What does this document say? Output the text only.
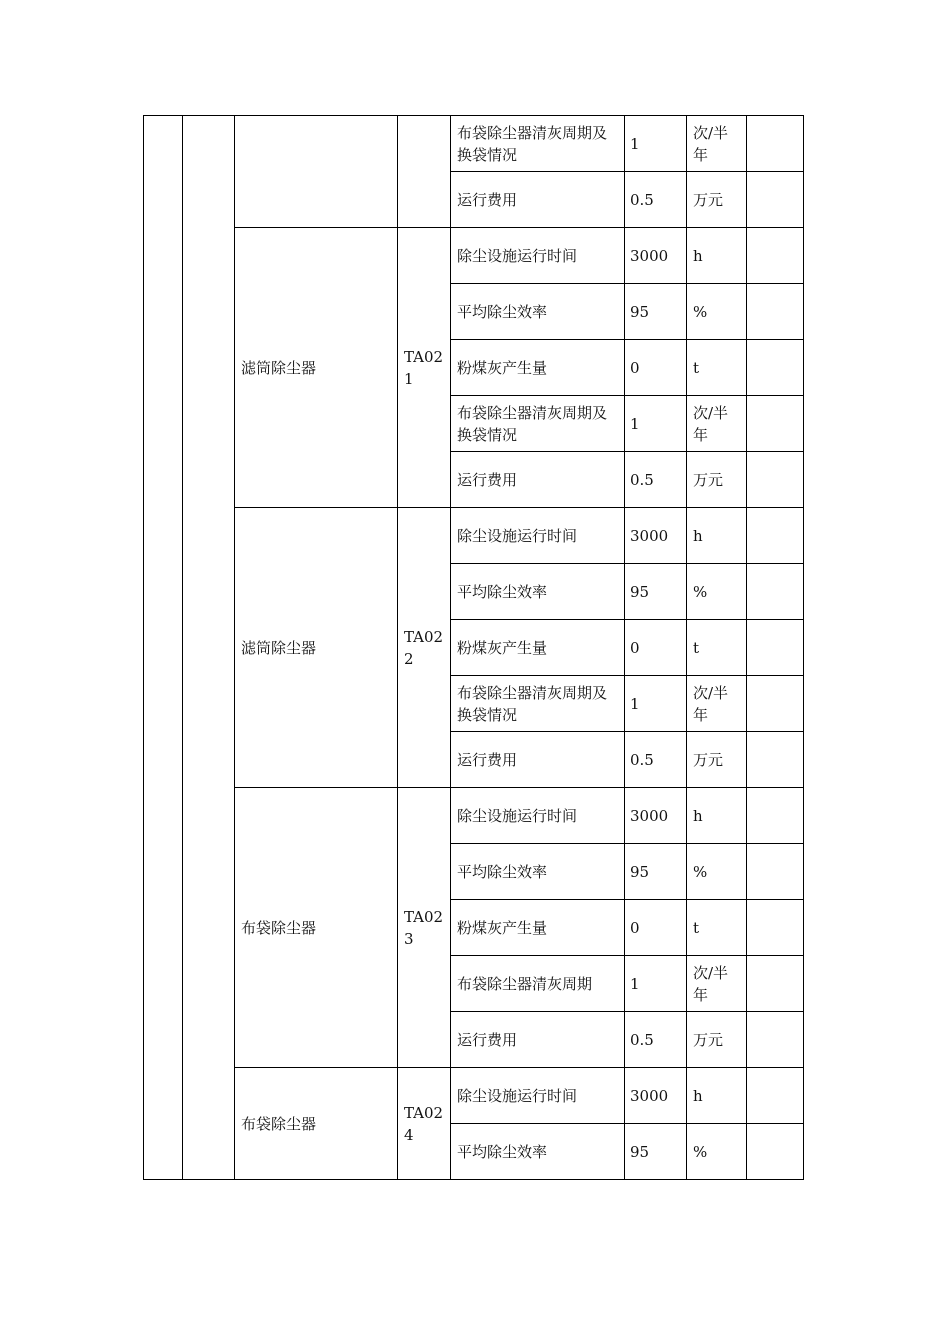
				布袋除尘器清灰周期及换袋情况	1	次/半年	
				运行费用	0.5	万元	
		滤筒除尘器	TA021	除尘设施运行时间	3000	h	
				平均除尘效率	95	%	
				粉煤灰产生量	0	t	
				布袋除尘器清灰周期及换袋情况	1	次/半年	
				运行费用	0.5	万元	
		滤筒除尘器	TA022	除尘设施运行时间	3000	h	
				平均除尘效率	95	%	
				粉煤灰产生量	0	t	
				布袋除尘器清灰周期及换袋情况	1	次/半年	
				运行费用	0.5	万元	
		布袋除尘器	TA023	除尘设施运行时间	3000	h	
				平均除尘效率	95	%	
				粉煤灰产生量	0	t	
				布袋除尘器清灰周期	1	次/半年	
				运行费用	0.5	万元	
		布袋除尘器	TA024	除尘设施运行时间	3000	h	
				平均除尘效率	95	%	
